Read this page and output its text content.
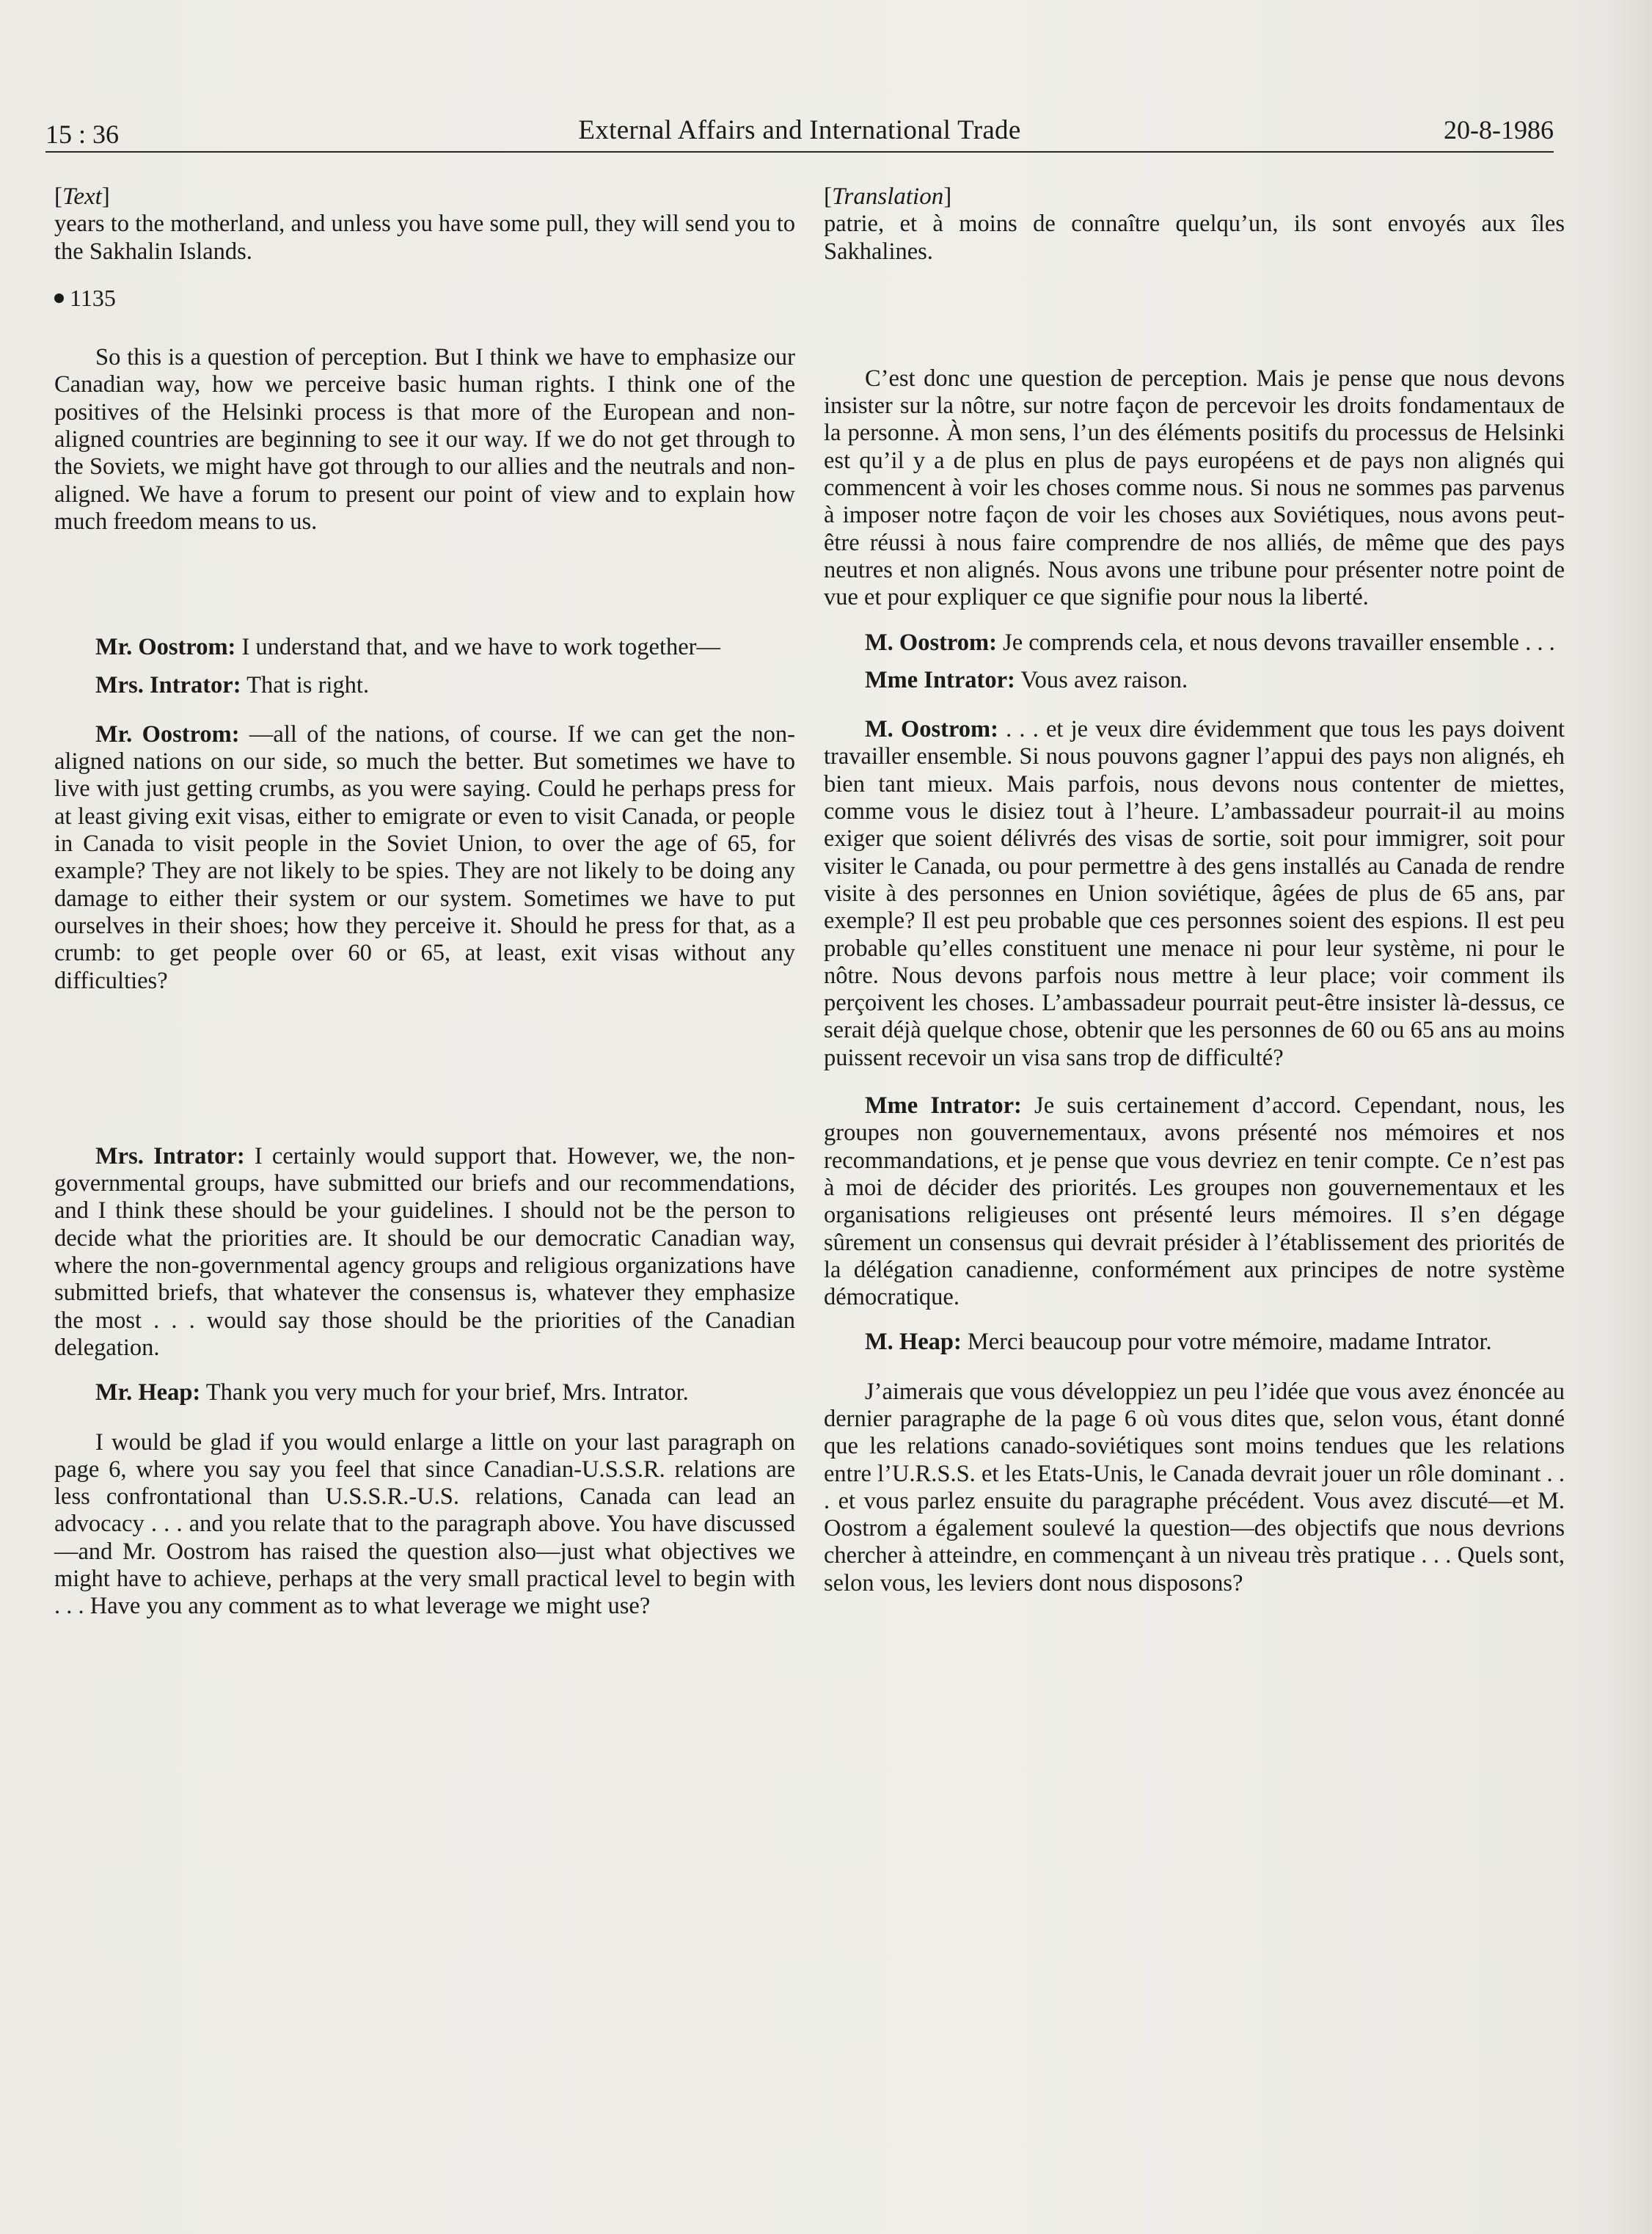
15 : 36	External Affairs and International Trade	20-8-1986

[Text]

years to the motherland, and unless you have some pull, they will send you to the Sakhalin Islands.

1135

So this is a question of perception. But I think we have to emphasize our Canadian way, how we perceive basic human rights. I think one of the positives of the Helsinki process is that more of the European and non-aligned countries are beginning to see it our way. If we do not get through to the Soviets, we might have got through to our allies and the neutrals and non-aligned. We have a forum to present our point of view and to explain how much freedom means to us.

Mr. Oostrom: I understand that, and we have to work together—

Mrs. Intrator: That is right.

Mr. Oostrom: —all of the nations, of course. If we can get the non-aligned nations on our side, so much the better. But sometimes we have to live with just getting crumbs, as you were saying. Could he perhaps press for at least giving exit visas, either to emigrate or even to visit Canada, or people in Canada to visit people in the Soviet Union, to over the age of 65, for example? They are not likely to be spies. They are not likely to be doing any damage to either their system or our system. Sometimes we have to put ourselves in their shoes; how they perceive it. Should he press for that, as a crumb: to get people over 60 or 65, at least, exit visas without any difficulties?

Mrs. Intrator: I certainly would support that. However, we, the non-governmental groups, have submitted our briefs and our recommendations, and I think these should be your guidelines. I should not be the person to decide what the priorities are. It should be our democratic Canadian way, where the non-governmental agency groups and religious organizations have submitted briefs, that whatever the consensus is, whatever they emphasize the most . . . would say those should be the priorities of the Canadian delegation.

Mr. Heap: Thank you very much for your brief, Mrs. Intrator.

I would be glad if you would enlarge a little on your last paragraph on page 6, where you say you feel that since Canadian-U.S.S.R. relations are less confrontational than U.S.S.R.-U.S. relations, Canada can lead an advocacy . . . and you relate that to the paragraph above. You have discussed—and Mr. Oostrom has raised the question also—just what objectives we might have to achieve, perhaps at the very small practical level to begin with . . . Have you any comment as to what leverage we might use?

[Translation]

patrie, et à moins de connaître quelqu’un, ils sont envoyés aux îles Sakhalines.

C’est donc une question de perception. Mais je pense que nous devons insister sur la nôtre, sur notre façon de percevoir les droits fondamentaux de la personne. À mon sens, l’un des éléments positifs du processus de Helsinki est qu’il y a de plus en plus de pays européens et de pays non alignés qui commencent à voir les choses comme nous. Si nous ne sommes pas parvenus à imposer notre façon de voir les choses aux Soviétiques, nous avons peut-être réussi à nous faire comprendre de nos alliés, de même que des pays neutres et non alignés. Nous avons une tribune pour présenter notre point de vue et pour expliquer ce que signifie pour nous la liberté.

M. Oostrom: Je comprends cela, et nous devons travailler ensemble . . .

Mme Intrator: Vous avez raison.

M. Oostrom: . . . et je veux dire évidemment que tous les pays doivent travailler ensemble. Si nous pouvons gagner l’appui des pays non alignés, eh bien tant mieux. Mais parfois, nous devons nous contenter de miettes, comme vous le disiez tout à l’heure. L’ambassadeur pourrait-il au moins exiger que soient délivrés des visas de sortie, soit pour immigrer, soit pour visiter le Canada, ou pour permettre à des gens installés au Canada de rendre visite à des personnes en Union soviétique, âgées de plus de 65 ans, par exemple? Il est peu probable que ces personnes soient des espions. Il est peu probable qu’elles constituent une menace ni pour leur système, ni pour le nôtre. Nous devons parfois nous mettre à leur place; voir comment ils perçoivent les choses. L’ambassadeur pourrait peut-être insister là-dessus, ce serait déjà quelque chose, obtenir que les personnes de 60 ou 65 ans au moins puissent recevoir un visa sans trop de difficulté?

Mme Intrator: Je suis certainement d’accord. Cependant, nous, les groupes non gouvernementaux, avons présenté nos mémoires et nos recommandations, et je pense que vous devriez en tenir compte. Ce n’est pas à moi de décider des priorités. Les groupes non gouvernementaux et les organisations religieuses ont présenté leurs mémoires. Il s’en dégage sûrement un consensus qui devrait présider à l’établissement des priorités de la délégation canadienne, conformément aux principes de notre système démocratique.

M. Heap: Merci beaucoup pour votre mémoire, madame Intrator.

J’aimerais que vous développiez un peu l’idée que vous avez énoncée au dernier paragraphe de la page 6 où vous dites que, selon vous, étant donné que les relations canado-soviétiques sont moins tendues que les relations entre l’U.R.S.S. et les Etats-Unis, le Canada devrait jouer un rôle dominant . . . et vous parlez ensuite du paragraphe précédent. Vous avez discuté—et M. Oostrom a également soulevé la question—des objectifs que nous devrions chercher à atteindre, en commençant à un niveau très pratique . . . Quels sont, selon vous, les leviers dont nous disposons?
